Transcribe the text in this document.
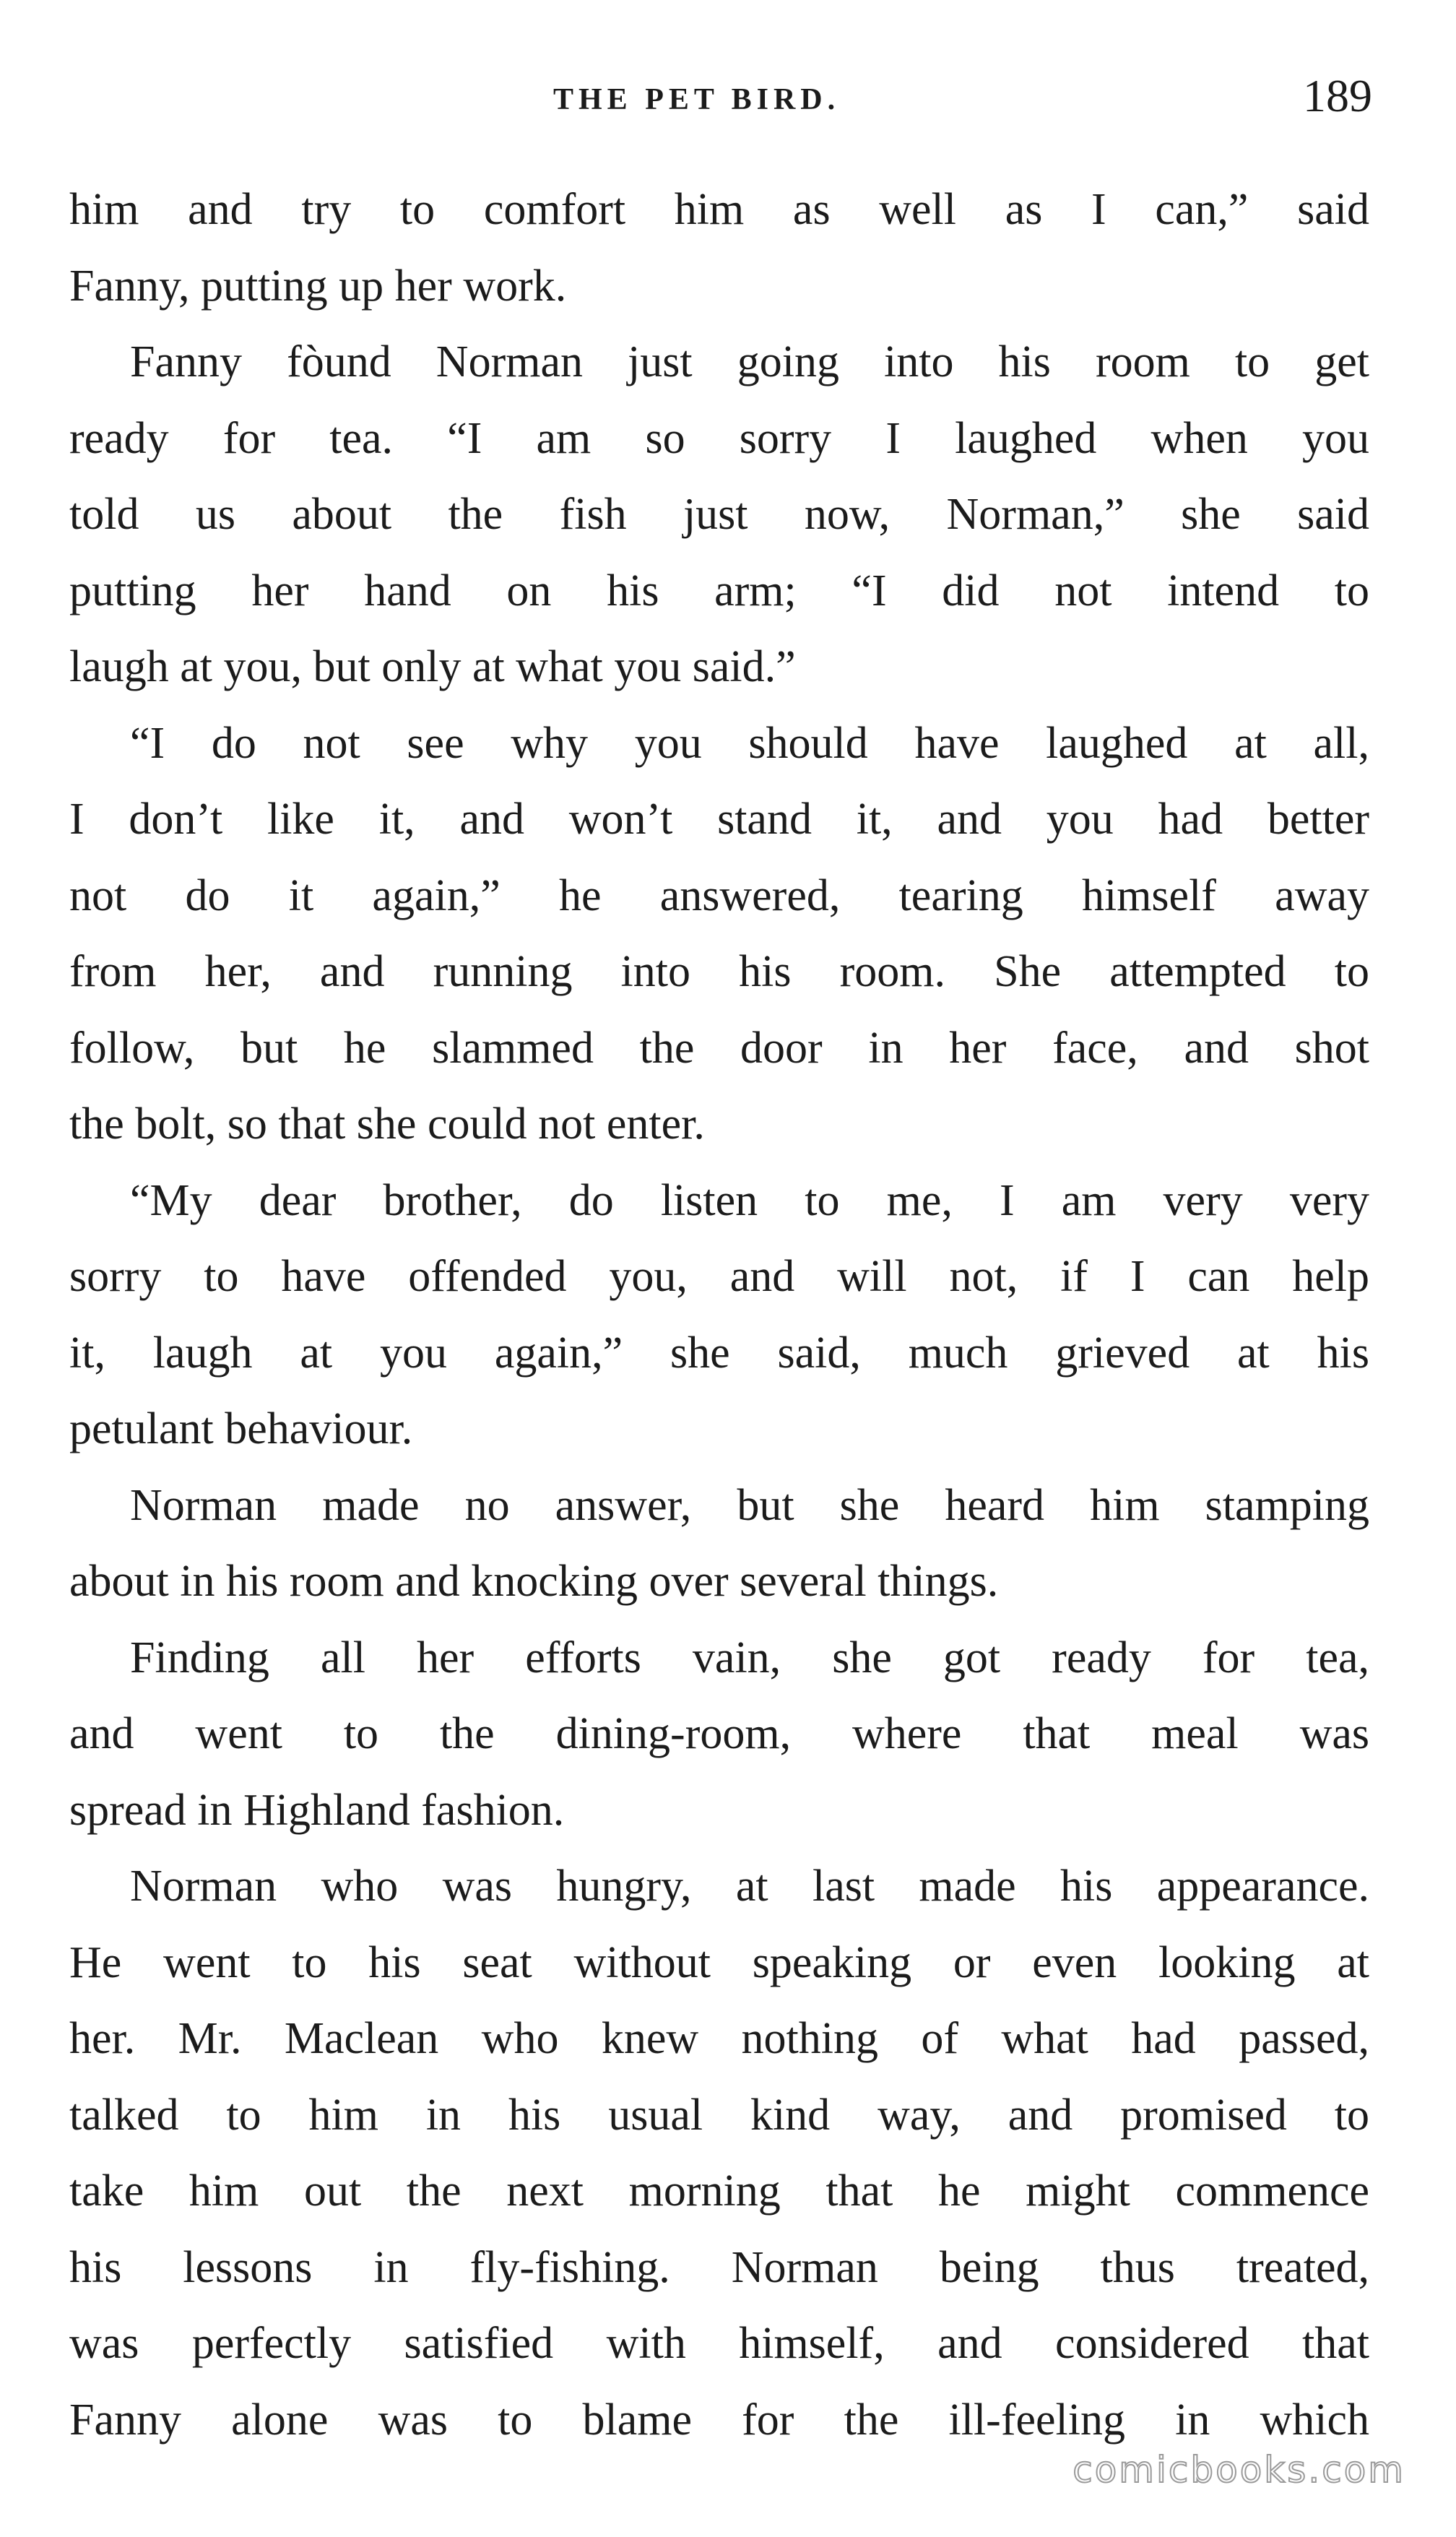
THE PET BIRD.	189

him and try to comfort him as well as I can,” said
Fanny, putting up her work.

Fanny fòund Norman just going into his room to get
ready for tea. “I am so sorry I laughed when you
told us about the fish just now, Norman,” she said
putting her hand on his arm; “I did not intend to
laugh at you, but only at what you said.”

“I do not see why you should have laughed at all,
I don’t like it, and won’t stand it, and you had better
not do it again,” he answered, tearing himself away
from her, and running into his room. She attempted to
follow, but he slammed the door in her face, and shot
the bolt, so that she could not enter.

“My dear brother, do listen to me, I am very very
sorry to have offended you, and will not, if I can help
it, laugh at you again,” she said, much grieved at his
petulant behaviour.

Norman made no answer, but she heard him stamping
about in his room and knocking over several things.

Finding all her efforts vain, she got ready for tea,
and went to the dining-room, where that meal was
spread in Highland fashion.

Norman who was hungry, at last made his appearance.
He went to his seat without speaking or even looking at
her. Mr. Maclean who knew nothing of what had passed,
talked to him in his usual kind way, and promised to
take him out the next morning that he might commence
his lessons in fly-fishing. Norman being thus treated,
was perfectly satisfied with himself, and considered that
Fanny alone was to blame for the ill-feeling in which

comicbooks.com
